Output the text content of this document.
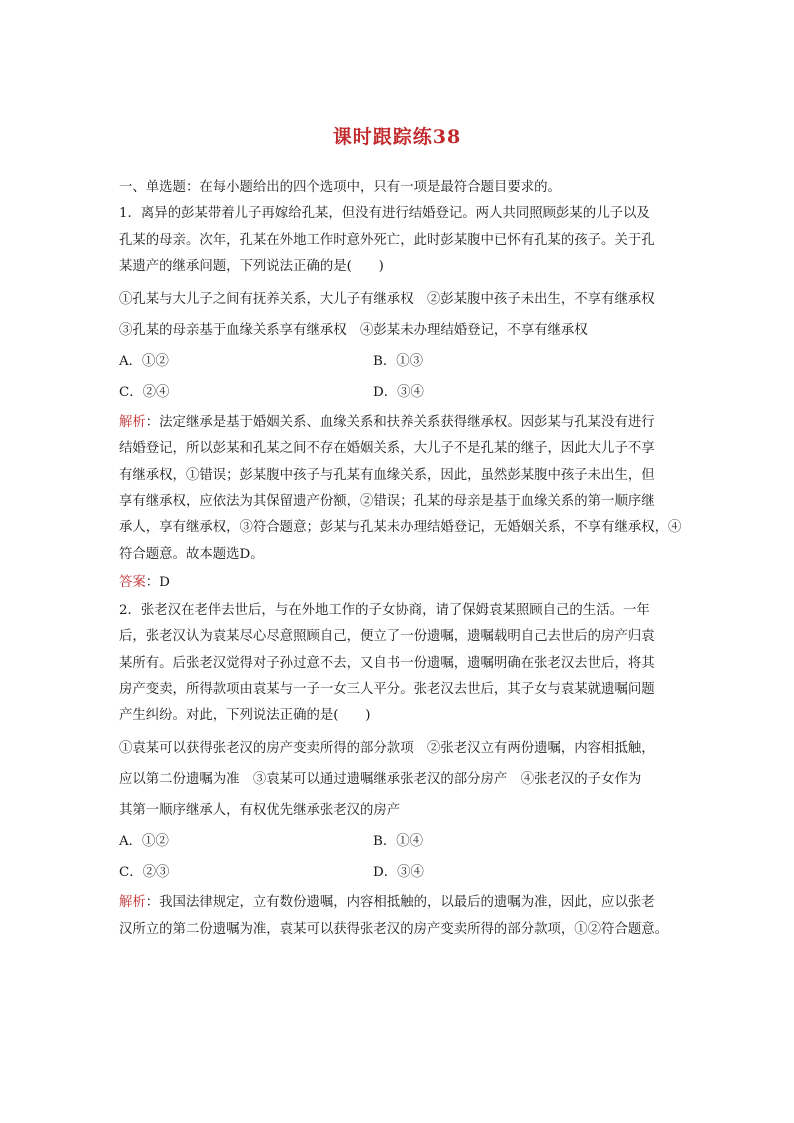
课时跟踪练38
一、单选题：在每小题给出的四个选项中，只有一项是最符合题目要求的。
1．离异的彭某带着儿子再嫁给孔某，但没有进行结婚登记。两人共同照顾彭某的儿子以及
孔某的母亲。次年，孔某在外地工作时意外死亡，此时彭某腹中已怀有孔某的孩子。关于孔
某遗产的继承问题，下列说法正确的是(　　)
①孔某与大儿子之间有抚养关系，大儿子有继承权　②彭某腹中孩子未出生，不享有继承权
③孔某的母亲基于血缘关系享有继承权　④彭某未办理结婚登记，不享有继承权
A．①②	B．①③
C．②④	D．③④
解析：法定继承是基于婚姻关系、血缘关系和扶养关系获得继承权。因彭某与孔某没有进行
结婚登记，所以彭某和孔某之间不存在婚姻关系，大儿子不是孔某的继子，因此大儿子不享
有继承权，①错误；彭某腹中孩子与孔某有血缘关系，因此，虽然彭某腹中孩子未出生，但
享有继承权，应依法为其保留遗产份额，②错误；孔某的母亲是基于血缘关系的第一顺序继
承人，享有继承权，③符合题意；彭某与孔某未办理结婚登记，无婚姻关系，不享有继承权，④
符合题意。故本题选D。
答案 ：D
2．张老汉在老伴去世后，与在外地工作的子女协商，请了保姆袁某照顾自己的生活。一年
后，张老汉认为袁某尽心尽意照顾自己，便立了一份遗嘱，遗嘱载明自己去世后的房产归袁
某所有。后张老汉觉得对子孙过意不去，又自书一份遗嘱，遗嘱明确在张老汉去世后，将其
房产变卖，所得款项由袁某与一子一女三人平分。张老汉去世后，其子女与袁某就遗嘱问题
产生纠纷。对此，下列说法正确的是(　　)
①袁某可以获得张老汉的房产变卖所得的部分款项　②张老汉立有两份遗嘱，内容相抵触，
应以第二份遗嘱为准　③袁某可以通过遗嘱继承张老汉的部分房产　④张老汉的子女作为
其第一顺序继承人，有权优先继承张老汉的房产
A．①②	B．①④
C．②③	D．③④
解析：我国法律规定，立有数份遗嘱，内容相抵触的，以最后的遗嘱为准，因此，应以张老
汉所立的第二份遗嘱为准，袁某可以获得张老汉的房产变卖所得的部分款项，①②符合题意。
